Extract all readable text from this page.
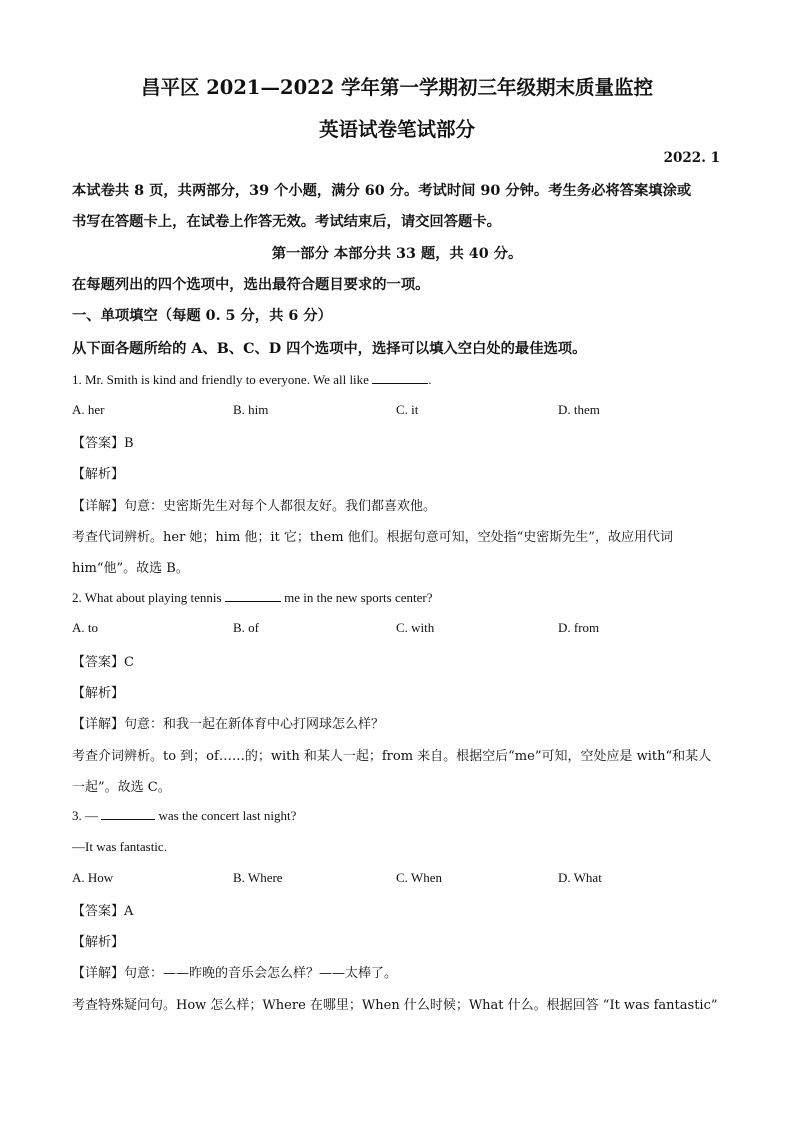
昌平区 2021—2022 学年第一学期初三年级期末质量监控
英语试卷笔试部分
2022. 1
本试卷共 8 页，共两部分，39 个小题，满分 60 分。考试时间 90 分钟。考生务必将答案填涂或
书写在答题卡上，在试卷上作答无效。考试结束后，请交回答题卡。
第一部分 本部分共 33 题，共 40 分。
在每题列出的四个选项中，选出最符合题目要求的一项。
一、单项填空（每题 0. 5 分，共 6 分）
从下面各题所给的 A、B、C、D 四个选项中，选择可以填入空白处的最佳选项。
1. Mr. Smith is kind and friendly to everyone. We all like	.
A. her	B. him	C. it	D. them
【答案】B
【解析】
【详解】句意：史密斯先生对每个人都很友好。我们都喜欢他。
考查代词辨析。her 她；him 他；it 它；them 他们。根据句意可知，空处指“史密斯先生”，故应用代词
him“他”。故选 B。
2. What about playing tennis	me in the new sports center?
A. to	B. of	C. with	D. from
【答案】C
【解析】
【详解】句意：和我一起在新体育中心打网球怎么样？
考查介词辨析。to 到；of……的；with 和某人一起；from 来自。根据空后“me”可知，空处应是 with“和某人
一起”。故选 C。
3. —	was the concert last night?
—It was fantastic.
A. How	B. Where	C. When	D. What
【答案】A
【解析】
【详解】句意：——昨晚的音乐会怎么样？——太棒了。
考查特殊疑问句。How 怎么样；Where 在哪里；When 什么时候；What 什么。根据回答 “It was fantastic”
